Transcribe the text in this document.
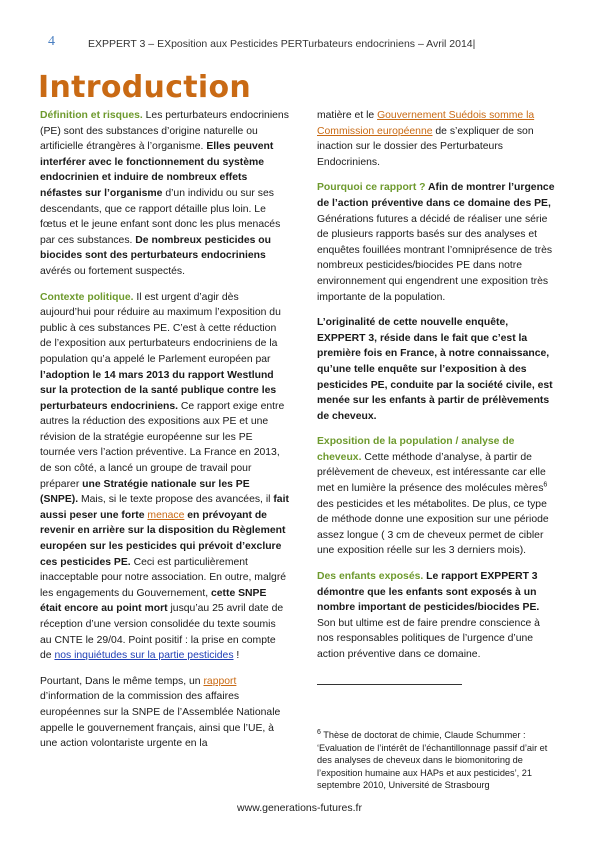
4	EXPPERT 3 – EXposition aux Pesticides PERTurbateurs endocriniens – Avril 2014|
Introduction

Définition et risques. Les perturbateurs endocriniens (PE) sont des substances d’origine naturelle ou artificielle étrangères à l’organisme. Elles peuvent interférer avec le fonctionnement du système endocrinien et induire de nombreux effets néfastes sur l’organisme d’un individu ou sur ses descendants, que ce rapport détaille plus loin. Le fœtus et le jeune enfant sont donc les plus menacés par ces substances. De nombreux pesticides ou biocides sont des perturbateurs endocriniens avérés ou fortement suspectés.

Contexte politique. Il est urgent d’agir dès aujourd’hui pour réduire au maximum l’exposition du public à ces substances PE. C’est à cette réduction de l’exposition aux perturbateurs endocriniens de la population qu’a appelé le Parlement européen par l’adoption le 14 mars 2013 du rapport Westlund sur la protection de la santé publique contre les perturbateurs endocriniens. Ce rapport exige entre autres la réduction des expositions aux PE et une révision de la stratégie européenne sur les PE tournée vers l’action préventive. La France en 2013, de son côté, a lancé un groupe de travail pour préparer une Stratégie nationale sur les PE (SNPE). Mais, si le texte propose des avancées, il fait aussi peser une forte menace en prévoyant de revenir en arrière sur la disposition du Règlement européen sur les pesticides qui prévoit d’exclure ces pesticides PE. Ceci est particulièrement inacceptable pour notre association. En outre, malgré les engagements du Gouvernement, cette SNPE était encore au point mort jusqu’au 25 avril date de réception d’une version consolidée du texte soumis au CNTE le 29/04. Point positif : la prise en compte de nos inquiétudes sur la partie pesticides !

Pourtant, Dans le même temps, un rapport d’information de la commission des affaires européennes sur la SNPE de l’Assemblée Nationale appelle le gouvernement français, ainsi que l’UE, à une action volontariste urgente en la

matière et le Gouvernement Suédois somme la Commission européenne de s’expliquer de son inaction sur le dossier des Perturbateurs Endocriniens.

Pourquoi ce rapport ? Afin de montrer l’urgence de l’action préventive dans ce domaine des PE, Générations futures a décidé de réaliser une série de plusieurs rapports basés sur des analyses et enquêtes fouillées montrant l’omniprésence de très nombreux pesticides/biocides PE dans notre environnement qui engendrent une exposition très importante de la population.

L’originalité de cette nouvelle enquête, EXPPERT 3, réside dans le fait que c’est la première fois en France, à notre connaissance, qu’une telle enquête sur l’exposition à des pesticides PE, conduite par la société civile, est menée sur les enfants à partir de prélèvements de cheveux.

Exposition de la population / analyse de cheveux. Cette méthode d’analyse, à partir de prélèvement de cheveux, est intéressante car elle met en lumière la présence des molécules mères$^6$ des pesticides et les métabolites. De plus, ce type de méthode donne une exposition sur une période assez longue ( 3 cm de cheveux permet de cibler une exposition réelle sur les 3 derniers mois).

Des enfants exposés. Le rapport EXPPERT 3 démontre que les enfants sont exposés à un nombre important de pesticides/biocides PE. Son but ultime est de faire prendre conscience à nos responsables politiques de l’urgence d’une action préventive dans ce domaine.

$^6$ Thèse de doctorat de chimie, Claude Schummer : ‘Evaluation de l’intérêt de l’échantillonnage passif d’air et des analyses de cheveux dans le biomonitoring de l’exposition humaine aux HAPs et aux pesticides’, 21 septembre 2010, Université de Strasbourg
www.generations-futures.fr
